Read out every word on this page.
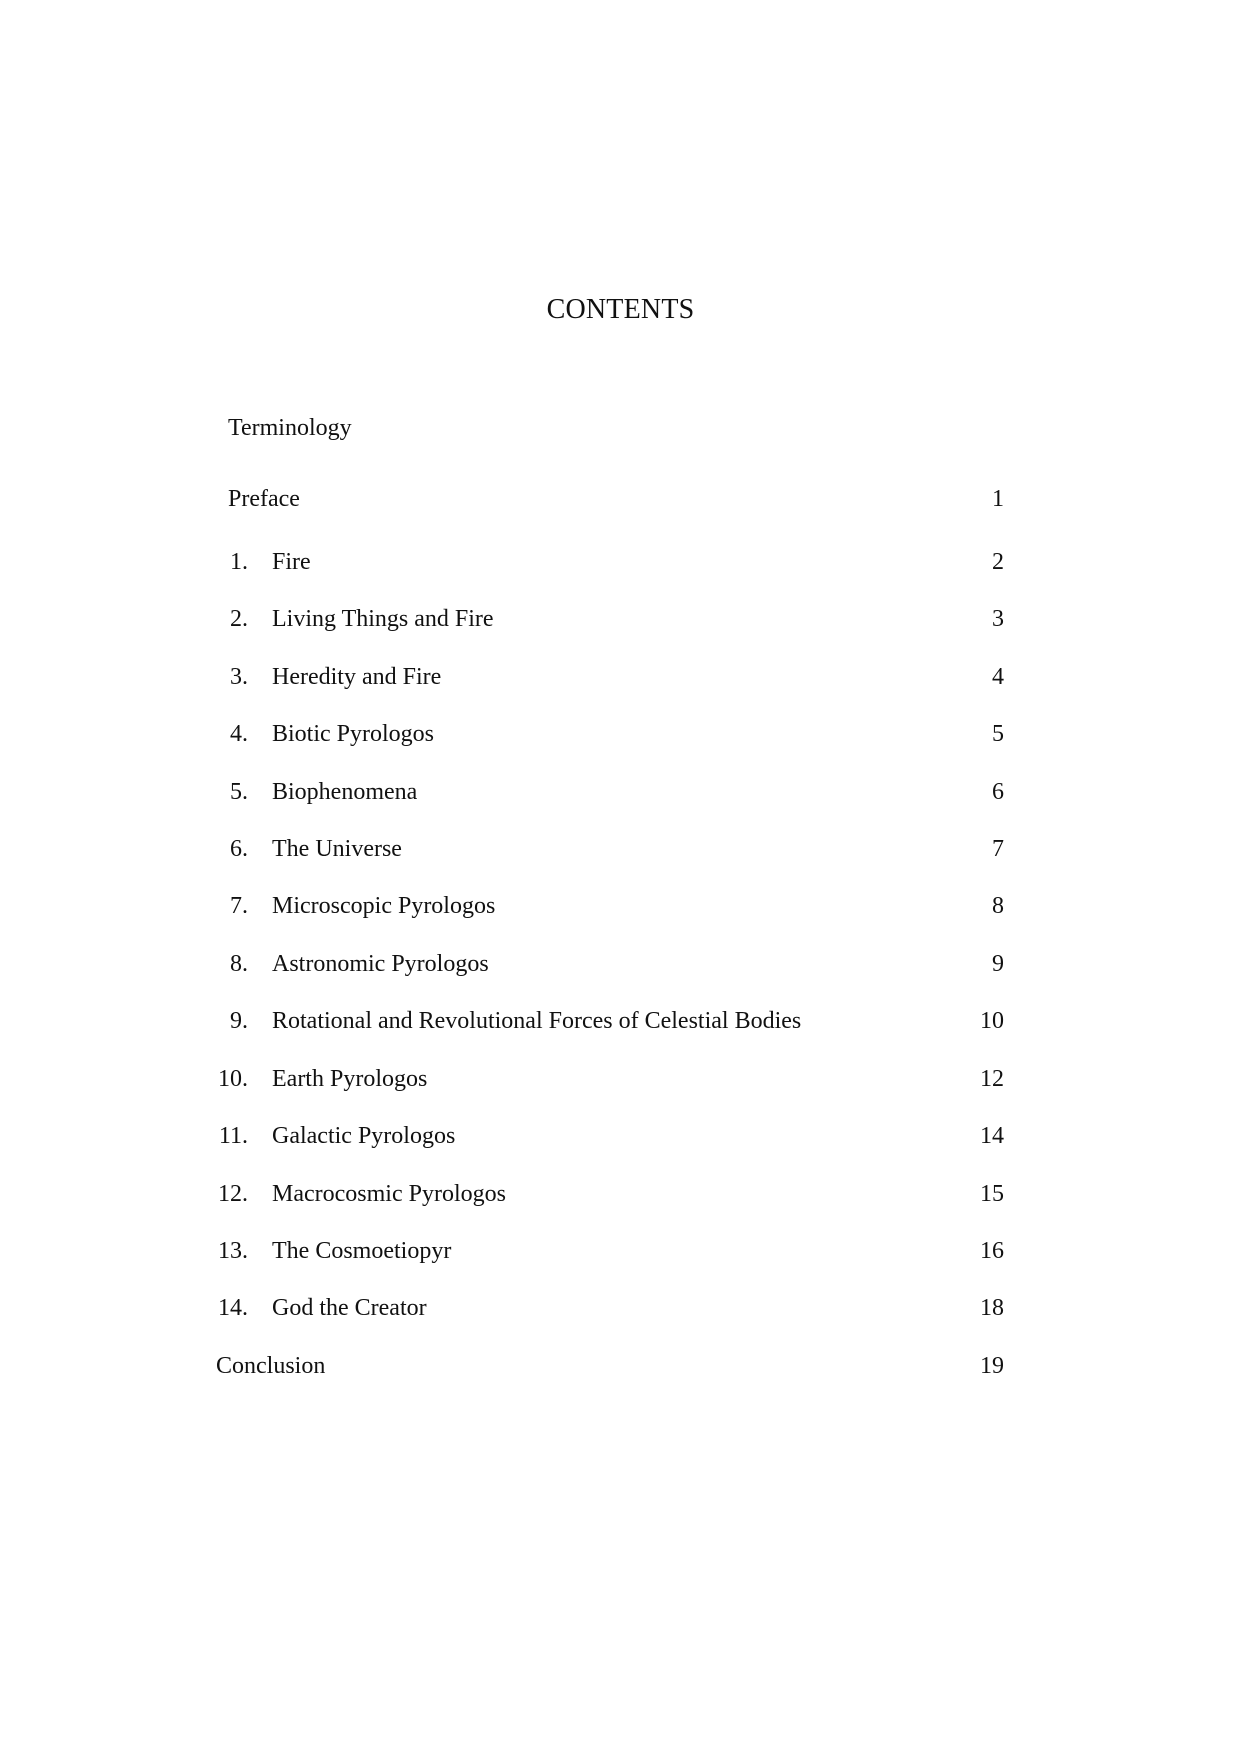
CONTENTS
Terminology
Preface	1
1. Fire	2
2. Living Things and Fire	3
3. Heredity and Fire	4
4. Biotic Pyrologos	5
5. Biophenomena	6
6. The Universe	7
7. Microscopic Pyrologos	8
8. Astronomic Pyrologos	9
9. Rotational and Revolutional Forces of Celestial Bodies	10
10. Earth Pyrologos	12
11. Galactic Pyrologos	14
12. Macrocosmic Pyrologos	15
13. The Cosmoetiopyr	16
14. God the Creator	18
Conclusion	19
